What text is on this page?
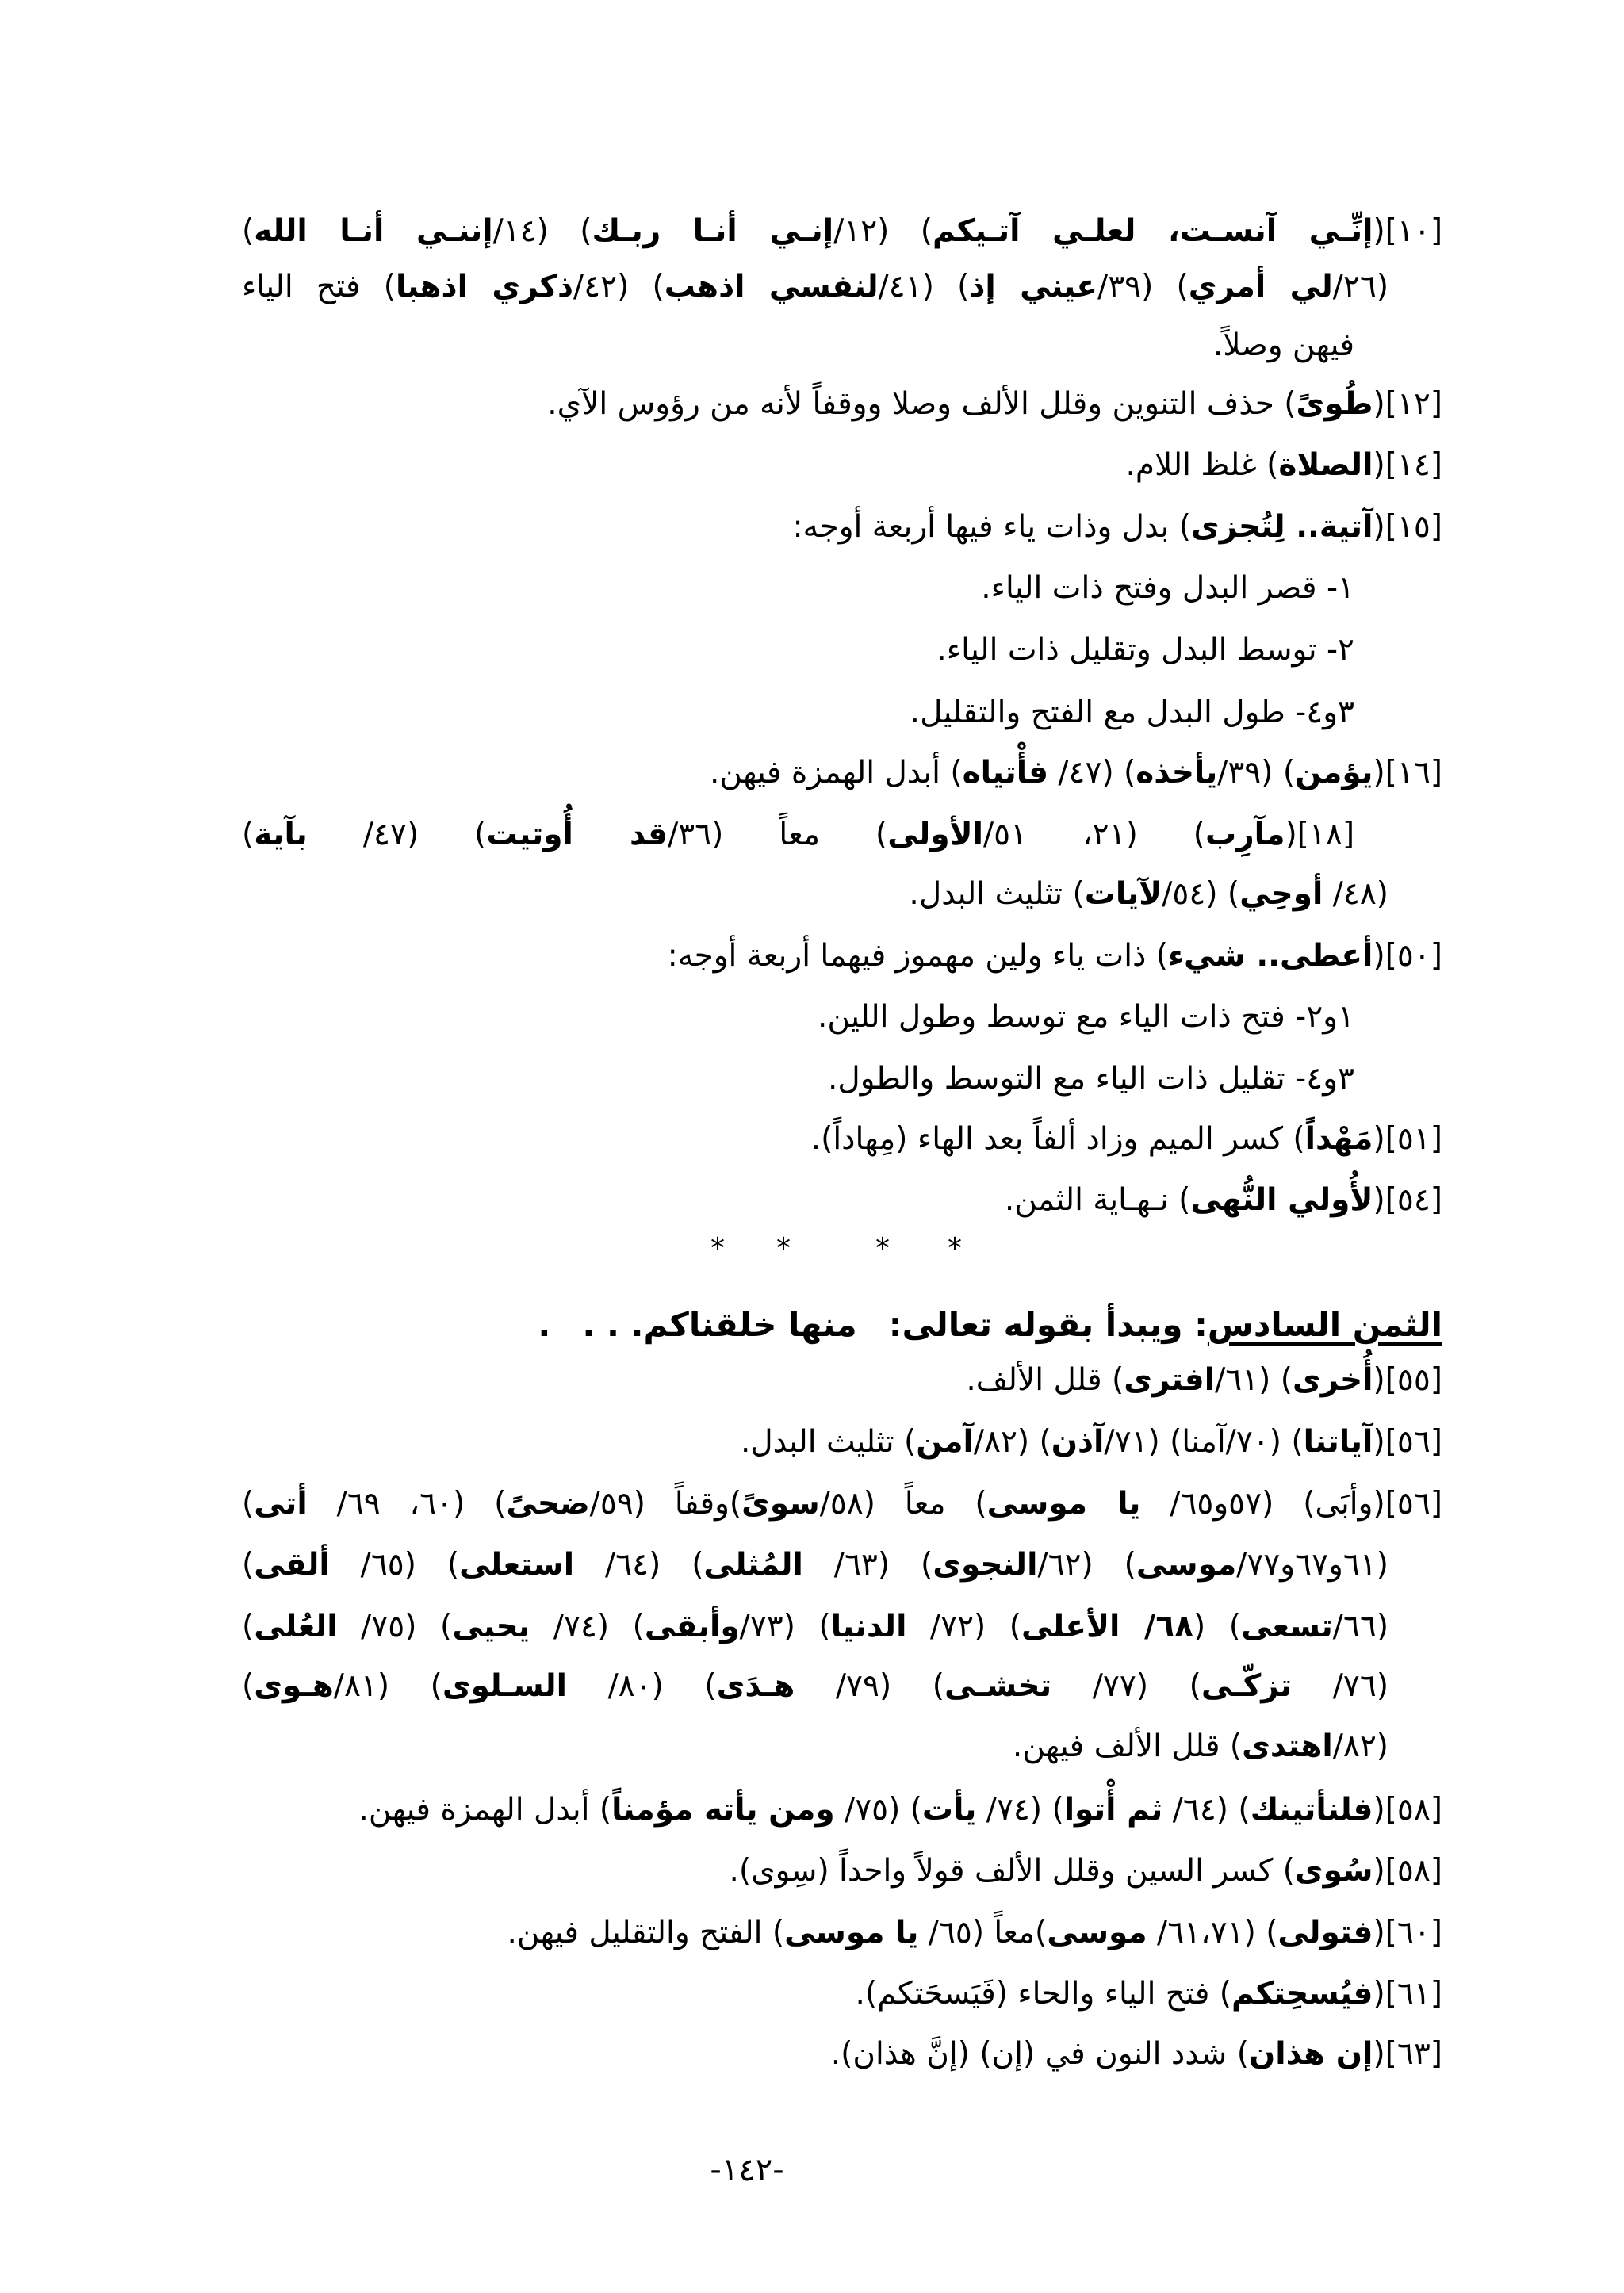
[١٠](إنِّـي آنسـت، لعلـي آتـيكم) (١٢/إنـي أنـا ربـك) (١٤/إننـي أنـا الله)
(٢٦/لي أمري) (٣٩/عيني إذ) (٤١/لنفسي اذهب) (٤٢/ذكري اذهبا) فتح الياء
فيهن وصلاً.
[١٢](طُوىً) حذف التنوين وقلل الألف وصلا ووقفاً لأنه من رؤوس الآي.
[١٤](الصلاة) غلظ اللام.
[١٥](آتية.. لِتُجزى) بدل وذات ياء فيها أربعة أوجه:
١- قصر البدل وفتح ذات الياء.
٢- توسط البدل وتقليل ذات الياء.
٣و٤- طول البدل مع الفتح والتقليل.
[١٦](يؤمن) (٣٩/يأخذه) (٤٧/ فأْتياه) أبدل الهمزة فيهن.
[١٨](مآرِب) (٢١، ٥١/الأولى) معاً (٣٦/قد أُوتيت) (٤٧/ بآية)
(٤٨/ أوحِي) (٥٤/لآيات) تثليث البدل.
[٥٠](أعطى.. شيء) ذات ياء ولين مهموز فيهما أربعة أوجه:
١و٢- فتح ذات الياء مع توسط وطول اللين.
٣و٤- تقليل ذات الياء مع التوسط والطول.
[٥١](مَهْداً) كسر الميم وزاد ألفاً بعد الهاء (مِهاداً).
[٥٤](لأُولي النُّهى) نـهـاية الثمن.
*	*	*	*
الثمن السادس: ويبدأ بقوله تعالى:منها خلقناكم. . ..
[٥٥](أُخرى) (٦١/افترى) قلل الألف.
[٥٦](آياتنا) (٧٠/آمنا) (٧١/آذن) (٨٢/آمن) تثليث البدل.
[٥٦](وأبَى) (٥٧و٦٥/ يا موسى) معاً (٥٨/سوىً)وقفاً (٥٩/ضحىً) (٦٠، ٦٩/ أتى)
(٦١و٦٧و٧٧/موسى) (٦٢/النجوى) (٦٣/ المُثلى) (٦٤/ استعلى) (٦٥/ ألقى)
(٦٦/تسعى) (٦٨/ الأعلى) (٧٢/ الدنيا) (٧٣/وأبقى) (٧٤/ يحيى) (٧٥/ العُلى)
(٧٦/ تزكّـى) (٧٧/ تخشـى) (٧٩/ هـدَى) (٨٠/ السـلوى) (٨١/هـوى)
(٨٢/اهتدى) قلل الألف فيهن.
[٥٨](فلنأتينك) (٦٤/ ثم أْتوا) (٧٤/ يأت) (٧٥/ ومن يأته مؤمناً) أبدل الهمزة فيهن.
[٥٨](سُوى) كسر السين وقلل الألف قولاً واحداً (سِوى).
[٦٠](فتولى) (٦١،٧١/ موسى)معاً (٦٥/ يا موسى) الفتح والتقليل فيهن.
[٦١](فيُسحِتكم) فتح الياء والحاء (فَيَسحَتكم).
[٦٣](إن هذان) شدد النون في (إن) (إنَّ هذان).
-١٤٢-
